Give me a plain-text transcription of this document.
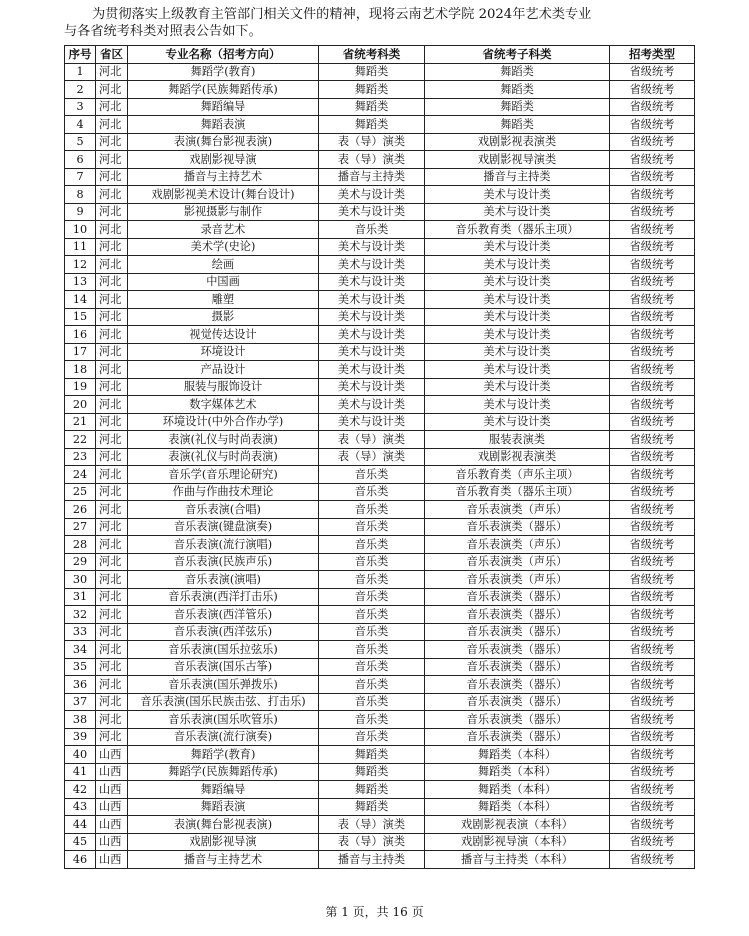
为贯彻落实上级教育主管部门相关文件的精神，现将云南艺术学院 2024年艺术类专业
与各省统考科类对照表公告如下。
序号	省区	专业名称（招考方向）	省统考科类	省统考子科类	招考类型
1	河北	舞蹈学(教育)	舞蹈类	舞蹈类	省级统考
2	河北	舞蹈学(民族舞蹈传承)	舞蹈类	舞蹈类	省级统考
3	河北	舞蹈编导	舞蹈类	舞蹈类	省级统考
4	河北	舞蹈表演	舞蹈类	舞蹈类	省级统考
5	河北	表演(舞台影视表演)	表（导）演类	戏剧影视表演类	省级统考
6	河北	戏剧影视导演	表（导）演类	戏剧影视导演类	省级统考
7	河北	播音与主持艺术	播音与主持类	播音与主持类	省级统考
8	河北	戏剧影视美术设计(舞台设计)	美术与设计类	美术与设计类	省级统考
9	河北	影视摄影与制作	美术与设计类	美术与设计类	省级统考
10	河北	录音艺术	音乐类	音乐教育类（器乐主项）	省级统考
11	河北	美术学(史论)	美术与设计类	美术与设计类	省级统考
12	河北	绘画	美术与设计类	美术与设计类	省级统考
13	河北	中国画	美术与设计类	美术与设计类	省级统考
14	河北	雕塑	美术与设计类	美术与设计类	省级统考
15	河北	摄影	美术与设计类	美术与设计类	省级统考
16	河北	视觉传达设计	美术与设计类	美术与设计类	省级统考
17	河北	环境设计	美术与设计类	美术与设计类	省级统考
18	河北	产品设计	美术与设计类	美术与设计类	省级统考
19	河北	服装与服饰设计	美术与设计类	美术与设计类	省级统考
20	河北	数字媒体艺术	美术与设计类	美术与设计类	省级统考
21	河北	环境设计(中外合作办学)	美术与设计类	美术与设计类	省级统考
22	河北	表演(礼仪与时尚表演)	表（导）演类	服装表演类	省级统考
23	河北	表演(礼仪与时尚表演)	表（导）演类	戏剧影视表演类	省级统考
24	河北	音乐学(音乐理论研究)	音乐类	音乐教育类（声乐主项）	省级统考
25	河北	作曲与作曲技术理论	音乐类	音乐教育类（器乐主项）	省级统考
26	河北	音乐表演(合唱)	音乐类	音乐表演类（声乐）	省级统考
27	河北	音乐表演(键盘演奏)	音乐类	音乐表演类（器乐）	省级统考
28	河北	音乐表演(流行演唱)	音乐类	音乐表演类（声乐）	省级统考
29	河北	音乐表演(民族声乐)	音乐类	音乐表演类（声乐）	省级统考
30	河北	音乐表演(演唱)	音乐类	音乐表演类（声乐）	省级统考
31	河北	音乐表演(西洋打击乐)	音乐类	音乐表演类（器乐）	省级统考
32	河北	音乐表演(西洋管乐)	音乐类	音乐表演类（器乐）	省级统考
33	河北	音乐表演(西洋弦乐)	音乐类	音乐表演类（器乐）	省级统考
34	河北	音乐表演(国乐拉弦乐)	音乐类	音乐表演类（器乐）	省级统考
35	河北	音乐表演(国乐古筝)	音乐类	音乐表演类（器乐）	省级统考
36	河北	音乐表演(国乐弹拨乐)	音乐类	音乐表演类（器乐）	省级统考
37	河北	音乐表演(国乐民族击弦、打击乐)	音乐类	音乐表演类（器乐）	省级统考
38	河北	音乐表演(国乐吹管乐)	音乐类	音乐表演类（器乐）	省级统考
39	河北	音乐表演(流行演奏)	音乐类	音乐表演类（器乐）	省级统考
40	山西	舞蹈学(教育)	舞蹈类	舞蹈类（本科）	省级统考
41	山西	舞蹈学(民族舞蹈传承)	舞蹈类	舞蹈类（本科）	省级统考
42	山西	舞蹈编导	舞蹈类	舞蹈类（本科）	省级统考
43	山西	舞蹈表演	舞蹈类	舞蹈类（本科）	省级统考
44	山西	表演(舞台影视表演)	表（导）演类	戏剧影视表演（本科）	省级统考
45	山西	戏剧影视导演	表（导）演类	戏剧影视导演（本科）	省级统考
46	山西	播音与主持艺术	播音与主持类	播音与主持类（本科）	省级统考
第 1 页，共 16 页
